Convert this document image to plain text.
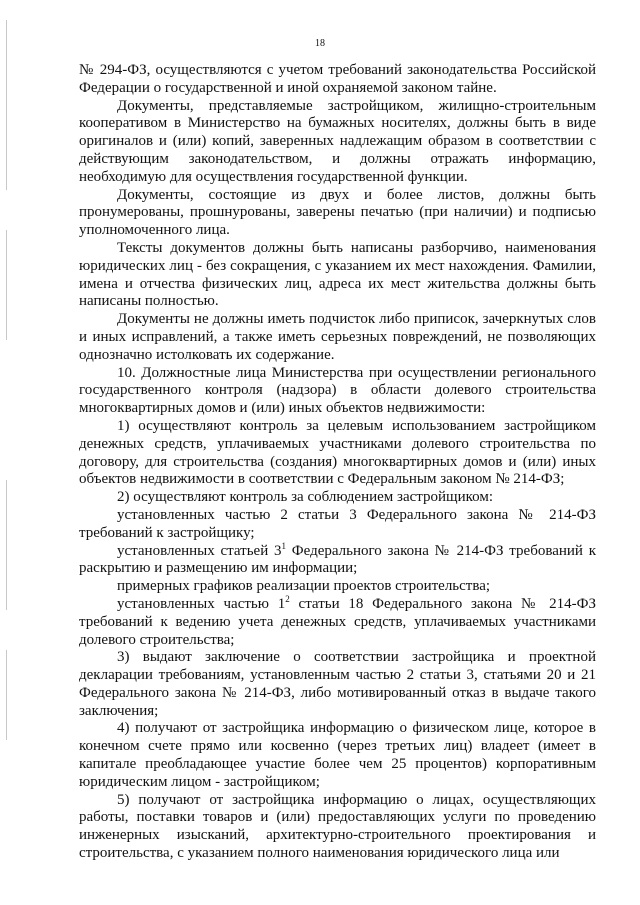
18

№ 294-ФЗ, осуществляются с учетом требований законодательства Российской Федерации о государственной и иной охраняемой законом тайне.

Документы, представляемые застройщиком, жилищно-строительным кооперативом в Министерство на бумажных носителях, должны быть в виде оригиналов и (или) копий, заверенных надлежащим образом в соответствии с действующим законодательством, и должны отражать информацию, необходимую для осуществления государственной функции.

Документы, состоящие из двух и более листов, должны быть пронумерованы, прошнурованы, заверены печатью (при наличии) и подписью уполномоченного лица.

Тексты документов должны быть написаны разборчиво, наименования юридических лиц - без сокращения, с указанием их мест нахождения. Фамилии, имена и отчества физических лиц, адреса их мест жительства должны быть написаны полностью.

Документы не должны иметь подчисток либо приписок, зачеркнутых слов и иных исправлений, а также иметь серьезных повреждений, не позволяющих однозначно истолковать их содержание.

10. Должностные лица Министерства при осуществлении регионального государственного контроля (надзора) в области долевого строительства многоквартирных домов и (или) иных объектов недвижимости:

1) осуществляют контроль за целевым использованием застройщиком денежных средств, уплачиваемых участниками долевого строительства по договору, для строительства (создания) многоквартирных домов и (или) иных объектов недвижимости в соответствии с Федеральным законом № 214-ФЗ;

2) осуществляют контроль за соблюдением застройщиком:

установленных частью 2 статьи 3 Федерального закона № 214-ФЗ требований к застройщику;

установленных статьей $3^1$ Федерального закона № 214-ФЗ требований к раскрытию и размещению им информации;

примерных графиков реализации проектов строительства;

установленных частью $1^2$ статьи 18 Федерального закона № 214-ФЗ требований к ведению учета денежных средств, уплачиваемых участниками долевого строительства;

3) выдают заключение о соответствии застройщика и проектной декларации требованиям, установленным частью 2 статьи 3, статьями 20 и 21 Федерального закона № 214-ФЗ, либо мотивированный отказ в выдаче такого заключения;

4) получают от застройщика информацию о физическом лице, которое в конечном счете прямо или косвенно (через третьих лиц) владеет (имеет в капитале преобладающее участие более чем 25 процентов) корпоративным юридическим лицом - застройщиком;

5) получают от застройщика информацию о лицах, осуществляющих работы, поставки товаров и (или) предоставляющих услуги по проведению инженерных изысканий, архитектурно-строительного проектирования и строительства, с указанием полного наименования юридического лица или
